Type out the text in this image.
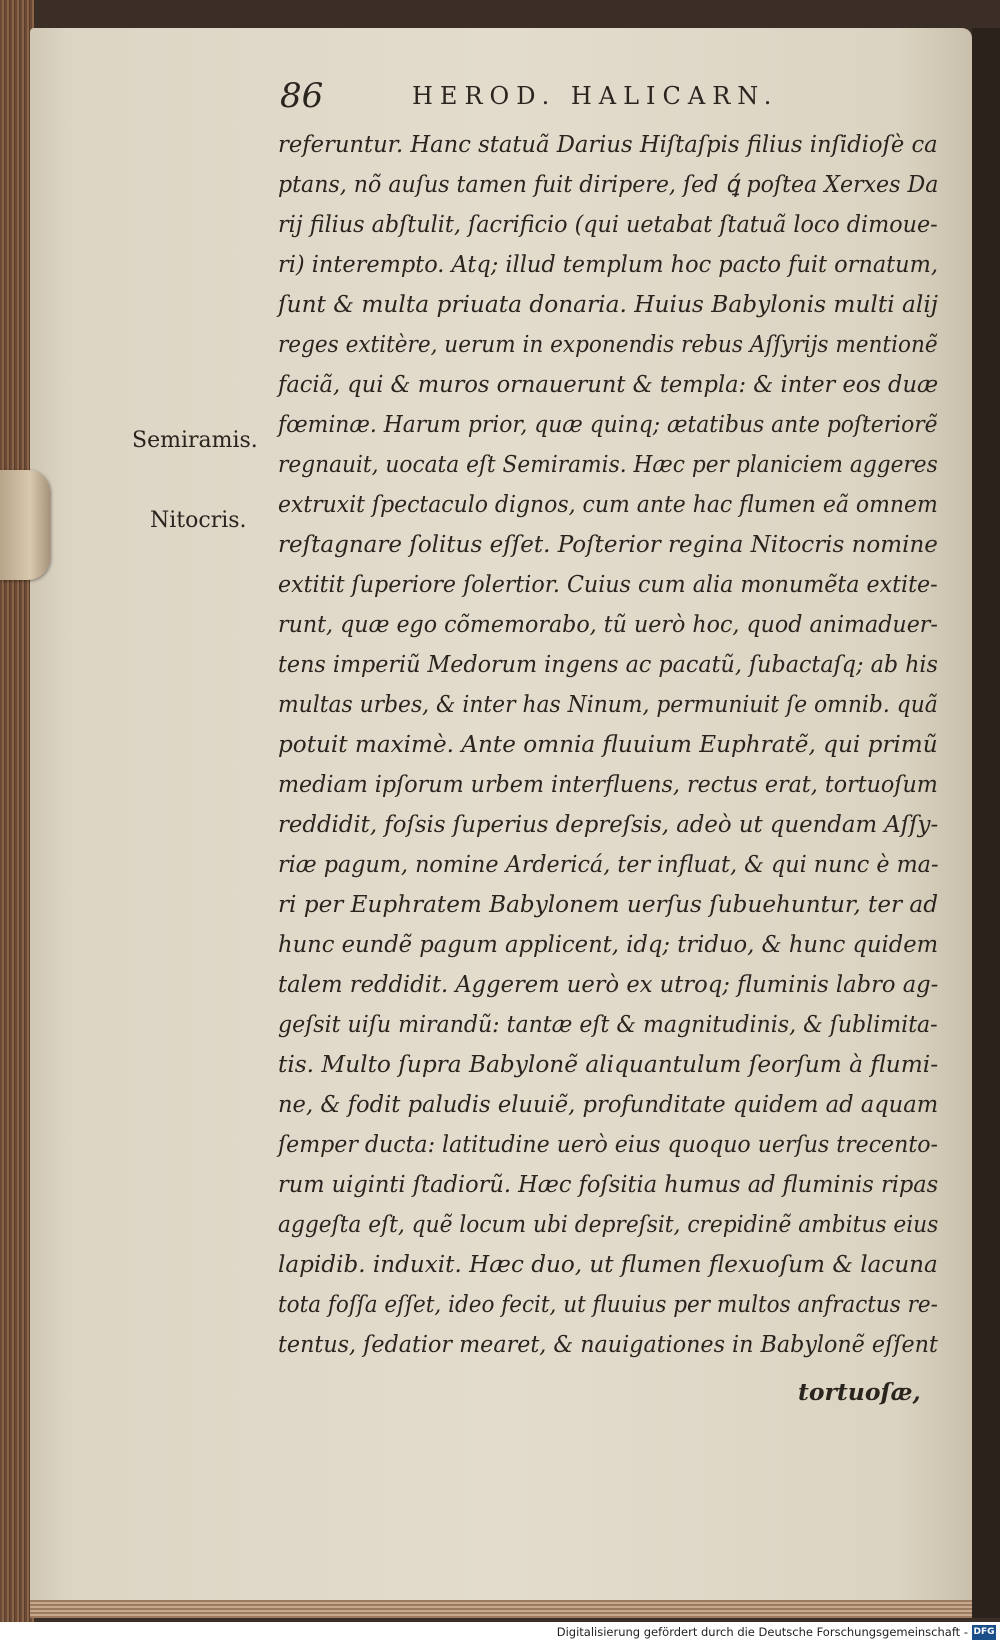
86	HEROD. HALICARN.
Semiramis.
Nitocris.
referuntur. Hanc statuã Darius Hiſtaſpis filius inſidioſè ca
ptans, nõ auſus tamen fuit diripere, ſed ꝗ́ poſtea Xerxes Da
rij filius abſtulit, ſacrificio (qui uetabat ſtatuã loco dimoue-
ri) interempto. Atq; illud templum hoc pacto fuit ornatum,
ſunt & multa priuata donaria. Huius Babylonis multi alij
reges extitère, uerum in exponendis rebus Aſſyrijs mentionẽ
faciã, qui & muros ornauerunt & templa: & inter eos duæ
fœminæ. Harum prior, quæ quinq; ætatibus ante poſteriorẽ
regnauit, uocata eſt Semiramis. Hæc per planiciem aggeres
extruxit ſpectaculo dignos, cum ante hac flumen eã omnem
reſtagnare ſolitus eſſet. Poſterior regina Nitocris nomine
extitit ſuperiore ſolertior. Cuius cum alia monumẽta extite-
runt, quæ ego cõmemorabo, tũ uerò hoc, quod animaduer-
tens imperiũ Medorum ingens ac pacatũ, ſubactaſq; ab his
multas urbes, & inter has Ninum, permuniuit ſe omnib. quã
potuit maximè. Ante omnia fluuium Euphratẽ, qui primũ
mediam ipſorum urbem interfluens, rectus erat, tortuoſum
reddidit, foſsis ſuperius depreſsis, adeò ut quendam Aſſy-
riæ pagum, nomine Ardericá, ter influat, & qui nunc è ma-
ri per Euphratem Babylonem uerſus ſubuehuntur, ter ad
hunc eundẽ pagum applicent, idq; triduo, & hunc quidem
talem reddidit. Aggerem uerò ex utroq; fluminis labro ag-
geſsit uiſu mirandũ: tantæ eſt & magnitudinis, & ſublimita-
tis. Multo ſupra Babylonẽ aliquantulum ſeorſum à flumi-
ne, & fodit paludis eluuiẽ, profunditate quidem ad aquam
ſemper ducta: latitudine uerò eius quoquo uerſus trecento-
rum uiginti ſtadiorũ. Hæc foſsitia humus ad fluminis ripas
aggeſta eſt, quẽ locum ubi depreſsit, crepidinẽ ambitus eius
lapidib. induxit. Hæc duo, ut flumen flexuoſum & lacuna
tota foſſa eſſet, ideo fecit, ut fluuius per multos anfractus re-
tentus, ſedatior mearet, & nauigationes in Babylonẽ eſſent
tortuoſæ,
Digitalisierung gefördert durch die Deutsche Forschungsgemeinschaft - DFG
